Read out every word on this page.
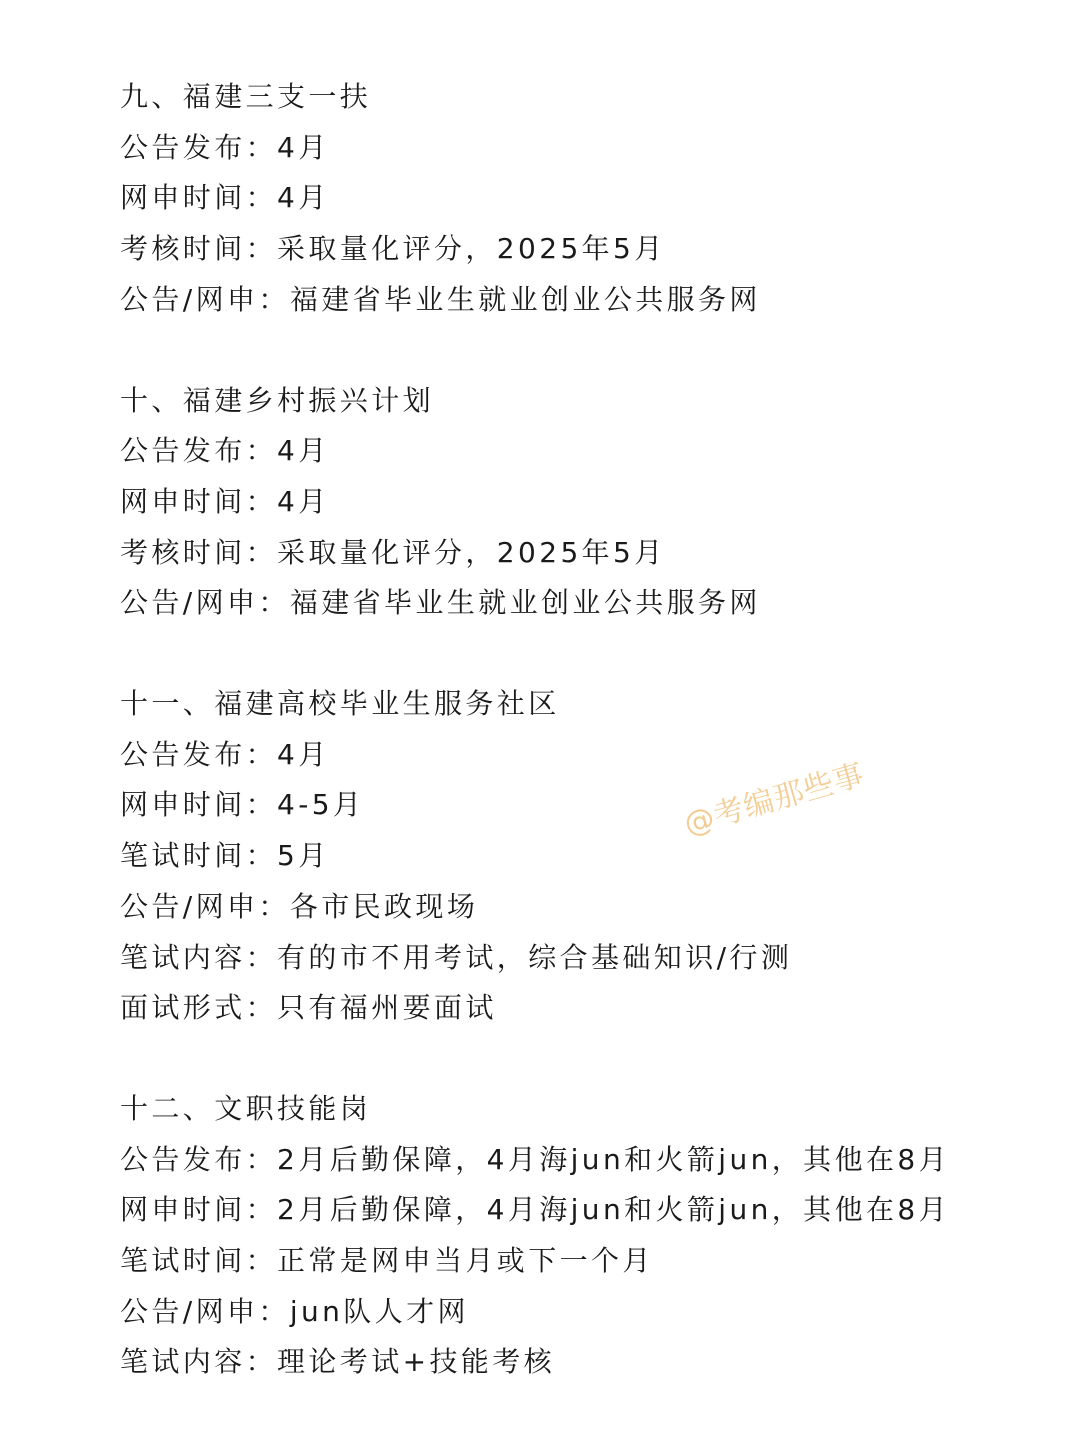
九、福建三支一扶
公告发布：4月
网申时间：4月
考核时间：采取量化评分，2025年5月
公告/网申：福建省毕业生就业创业公共服务网
十、福建乡村振兴计划
公告发布：4月
网申时间：4月
考核时间：采取量化评分，2025年5月
公告/网申：福建省毕业生就业创业公共服务网
十一、福建高校毕业生服务社区
公告发布：4月
网申时间：4-5月
笔试时间：5月
公告/网申：各市民政现场
笔试内容：有的市不用考试，综合基础知识/行测
面试形式：只有福州要面试
十二、文职技能岗
公告发布：2月后勤保障，4月海jun和火箭jun，其他在8月
网申时间：2月后勤保障，4月海jun和火箭jun，其他在8月
笔试时间：正常是网申当月或下一个月
公告/网申：jun队人才网
笔试内容：理论考试+技能考核
@考编那些事
